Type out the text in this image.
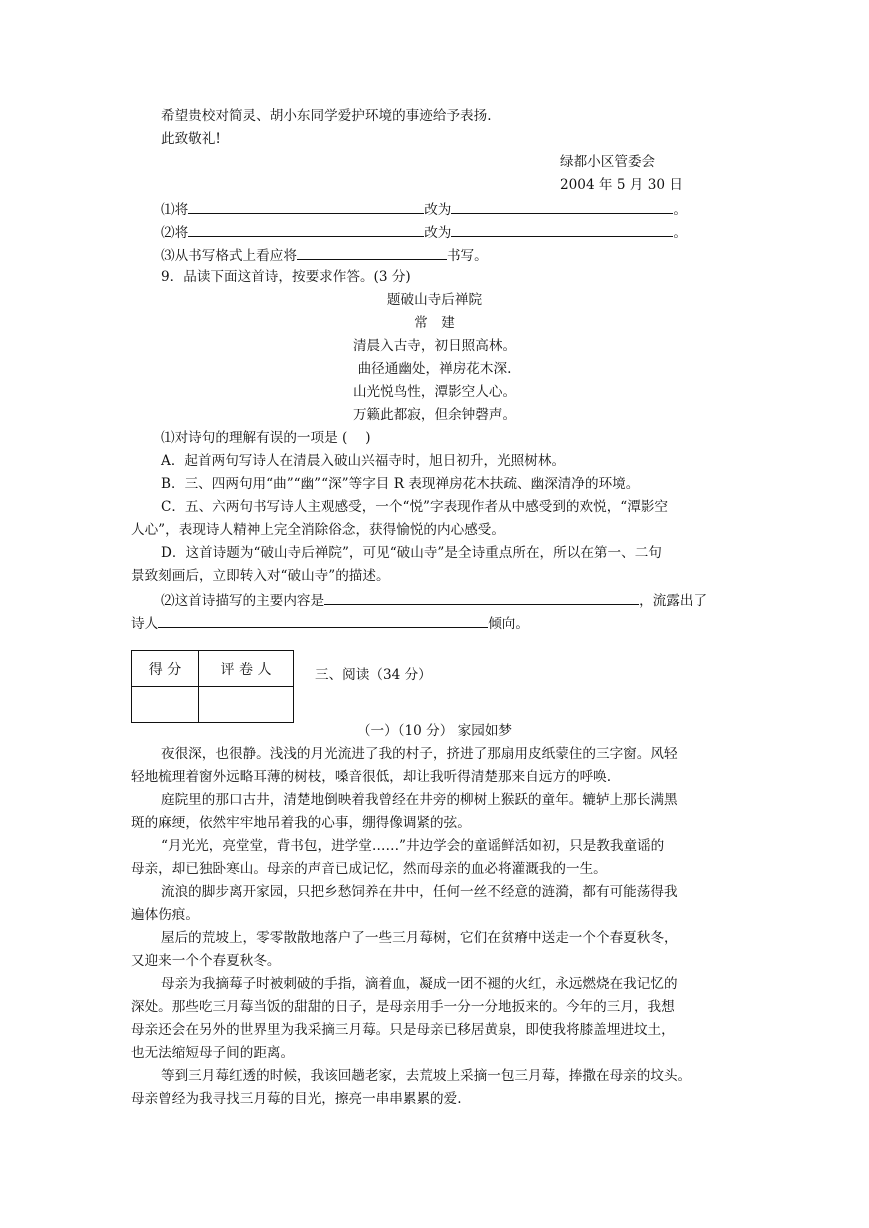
希望贵校对简灵、胡小东同学爱护环境的事迹给予表扬.
此致敬礼!
绿都小区管委会
2004 年 5 月 30 日
⑴将	改为	。
⑵将	改为	。
⑶从书写格式上看应将	书写。
9．品读下面这首诗，按要求作答。(3 分)
题破山寺后禅院
常　建
清晨入古寺，初日照高林。
曲径通幽处，禅房花木深.
山光悦鸟性，潭影空人心。
万籁此都寂，但余钟磬声。
⑴对诗句的理解有误的一项是 (　 )
A．起首两句写诗人在清晨入破山兴福寺时，旭日初升，光照树林。
B．三、四两句用“曲”“幽”“深”等字目 R 表现禅房花木扶疏、幽深清净的环境。
C．五、六两句书写诗人主观感受，一个“悦”字表现作者从中感受到的欢悦，“潭影空
人心”，表现诗人精神上完全消除俗念，获得愉悦的内心感受。
D．这首诗题为“破山寺后禅院”，可见“破山寺”是全诗重点所在，所以在第一、二句
景致刻画后，立即转入对“破山寺”的描述。
⑵这首诗描写的主要内容是	，流露出了
诗人	倾向。
得 分	评 卷 人
		三、阅读（34 分）
（一）（10 分） 家园如梦
夜很深，也很静。浅浅的月光流进了我的村子，挤进了那扇用皮纸蒙住的三字窗。风轻
轻地梳理着窗外远略耳薄的树枝，嗓音很低，却让我听得清楚那来自远方的呼唤.
庭院里的那口古井，清楚地倒映着我曾经在井旁的柳树上猴跃的童年。辘轳上那长满黑
斑的麻绠，依然牢牢地吊着我的心事，绷得像调紧的弦。
“月光光，亮堂堂，背书包，进学堂……”井边学会的童谣鲜活如初，只是教我童谣的
母亲，却已独卧寒山。母亲的声音已成记忆，然而母亲的血必将灌溉我的一生。
流浪的脚步离开家园，只把乡愁饲养在井中，任何一丝不经意的涟漪，都有可能荡得我
遍体伤痕。
屋后的荒坡上，零零散散地落户了一些三月莓树，它们在贫瘠中送走一个个春夏秋冬，
又迎来一个个春夏秋冬。
母亲为我摘莓子时被刺破的手指，滴着血，凝成一团不褪的火红，永远燃烧在我记忆的
深处。那些吃三月莓当饭的甜甜的日子，是母亲用手一分一分地扳来的。今年的三月，我想
母亲还会在另外的世界里为我采摘三月莓。只是母亲已移居黄泉，即使我将膝盖埋进坟土，
也无法缩短母子间的距离。
等到三月莓红透的时候，我该回趟老家，去荒坡上采摘一包三月莓，捧撒在母亲的坟头。
母亲曾经为我寻找三月莓的目光，擦亮一串串累累的爱.
